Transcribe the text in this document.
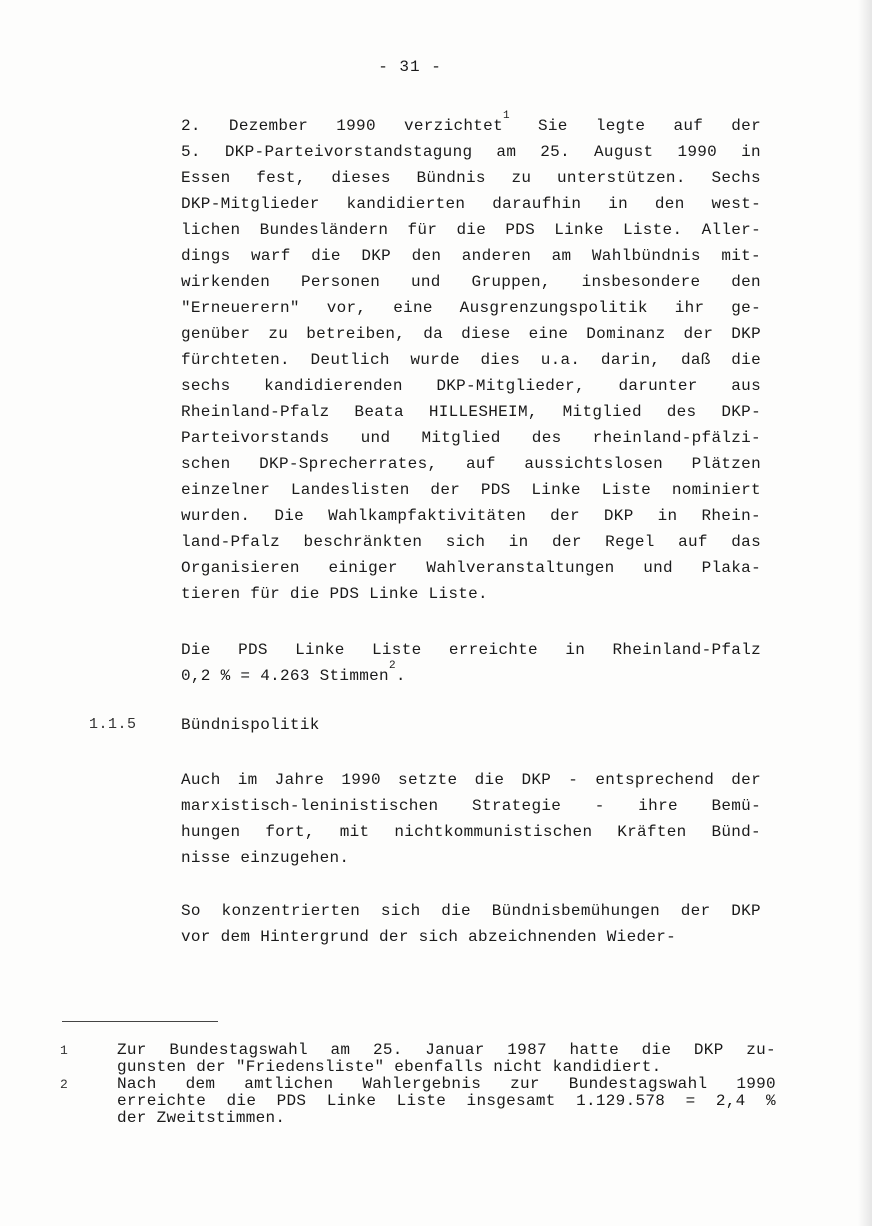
- 31 -
2. Dezember 1990 verzichtet$^1$
Sie legte auf der
5. DKP-Parteivorstandstagung am 25. August 1990 in
Essen fest, dieses Bündnis zu unterstützen. Sechs
DKP-Mitglieder kandidierten daraufhin in den west-
lichen Bundesländern für die PDS Linke Liste. Aller-
dings warf die DKP den anderen am Wahlbündnis mit-
wirkenden Personen und Gruppen, insbesondere den
"Erneuerern" vor, eine Ausgrenzungspolitik ihr ge-
genüber zu betreiben, da diese eine Dominanz der DKP
fürchteten. Deutlich wurde dies u.a. darin, daß die
sechs kandidierenden DKP-Mitglieder, darunter aus
Rheinland-Pfalz Beata HILLESHEIM, Mitglied des DKP-
Parteivorstands und Mitglied des rheinland-pfälzi-
schen DKP-Sprecherrates, auf aussichtslosen Plätzen
einzelner Landeslisten der PDS Linke Liste nominiert
wurden. Die Wahlkampfaktivitäten der DKP in Rhein-
land-Pfalz beschränkten sich in der Regel auf das
Organisieren einiger Wahlveranstaltungen und Plaka-
tieren für die PDS Linke Liste.
Die PDS Linke Liste erreichte in Rheinland-Pfalz
0,2 % = 4.263 Stimmen$^2$.
1.1.5	Bündnispolitik
Auch im Jahre 1990 setzte die DKP - entsprechend der
marxistisch-leninistischen Strategie - ihre Bemü-
hungen fort, mit nichtkommunistischen Kräften Bünd-
nisse einzugehen.
So konzentrierten sich die Bündnisbemühungen der DKP
vor dem Hintergrund der sich abzeichnenden Wieder-
1	Zur Bundestagswahl am 25. Januar 1987 hatte die DKP zu-
gunsten der "Friedensliste" ebenfalls nicht kandidiert.
2	Nach dem amtlichen Wahlergebnis zur Bundestagswahl 1990
erreichte die PDS Linke Liste insgesamt 1.129.578 = 2,4 %
der Zweitstimmen.
